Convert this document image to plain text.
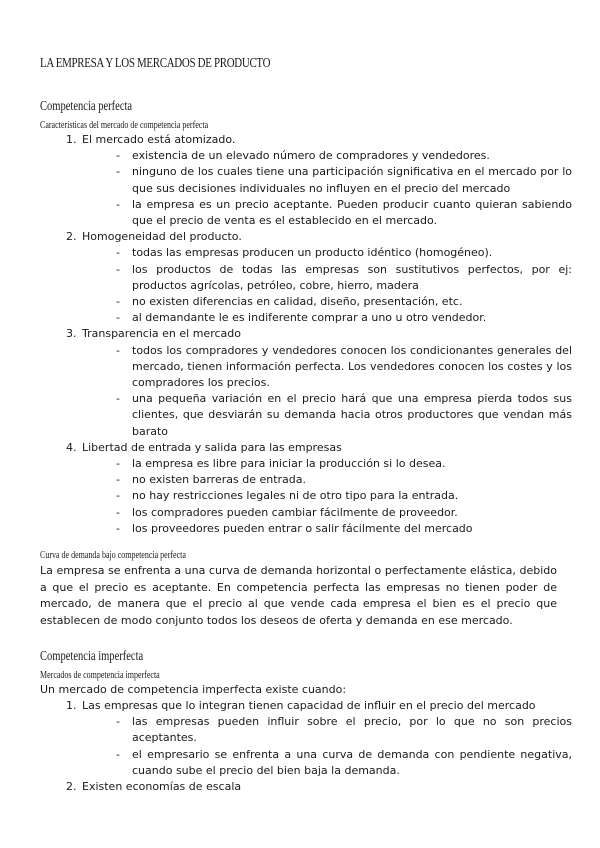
LA EMPRESA Y LOS MERCADOS DE PRODUCTO
Competencia perfecta
Características del mercado de competencia perfecta
1. El mercado está atomizado.
- existencia de un elevado número de compradores y vendedores.
- ninguno de los cuales tiene una participación significativa en el mercado por lo que sus decisiones individuales no influyen en el precio del mercado
- la empresa es un precio aceptante. Pueden producir cuanto quieran sabiendo que el precio de venta es el establecido en el mercado.
2. Homogeneidad del producto.
- todas las empresas producen un producto idéntico (homogéneo).
- los productos de todas las empresas son sustitutivos perfectos, por ej: productos agrícolas, petróleo, cobre, hierro, madera
- no existen diferencias en calidad, diseño, presentación, etc.
- al demandante le es indiferente comprar a uno u otro vendedor.
3. Transparencia en el mercado
- todos los compradores y vendedores conocen los condicionantes generales del mercado, tienen información perfecta. Los vendedores conocen los costes y los compradores los precios.
- una pequeña variación en el precio hará que una empresa pierda todos sus clientes, que desviarán su demanda hacia otros productores que vendan más barato
4. Libertad de entrada y salida para las empresas
- la empresa es libre para iniciar la producción si lo desea.
- no existen barreras de entrada.
- no hay restricciones legales ni de otro tipo para la entrada.
- los compradores pueden cambiar fácilmente de proveedor.
- los proveedores pueden entrar o salir fácilmente del mercado
Curva de demanda bajo competencia perfecta
La empresa se enfrenta a una curva de demanda horizontal o perfectamente elástica, debido a que el precio es aceptante. En competencia perfecta las empresas no tienen poder de mercado, de manera que el precio al que vende cada empresa el bien es el precio que establecen de modo conjunto todos los deseos de oferta y demanda en ese mercado.
Competencia imperfecta
Mercados de competencia imperfecta
Un mercado de competencia imperfecta existe cuando:
1. Las empresas que lo integran tienen capacidad de influir en el precio del mercado
- las empresas pueden influir sobre el precio, por lo que no son precios aceptantes.
- el empresario se enfrenta a una curva de demanda con pendiente negativa, cuando sube el precio del bien baja la demanda.
2. Existen economías de escala
